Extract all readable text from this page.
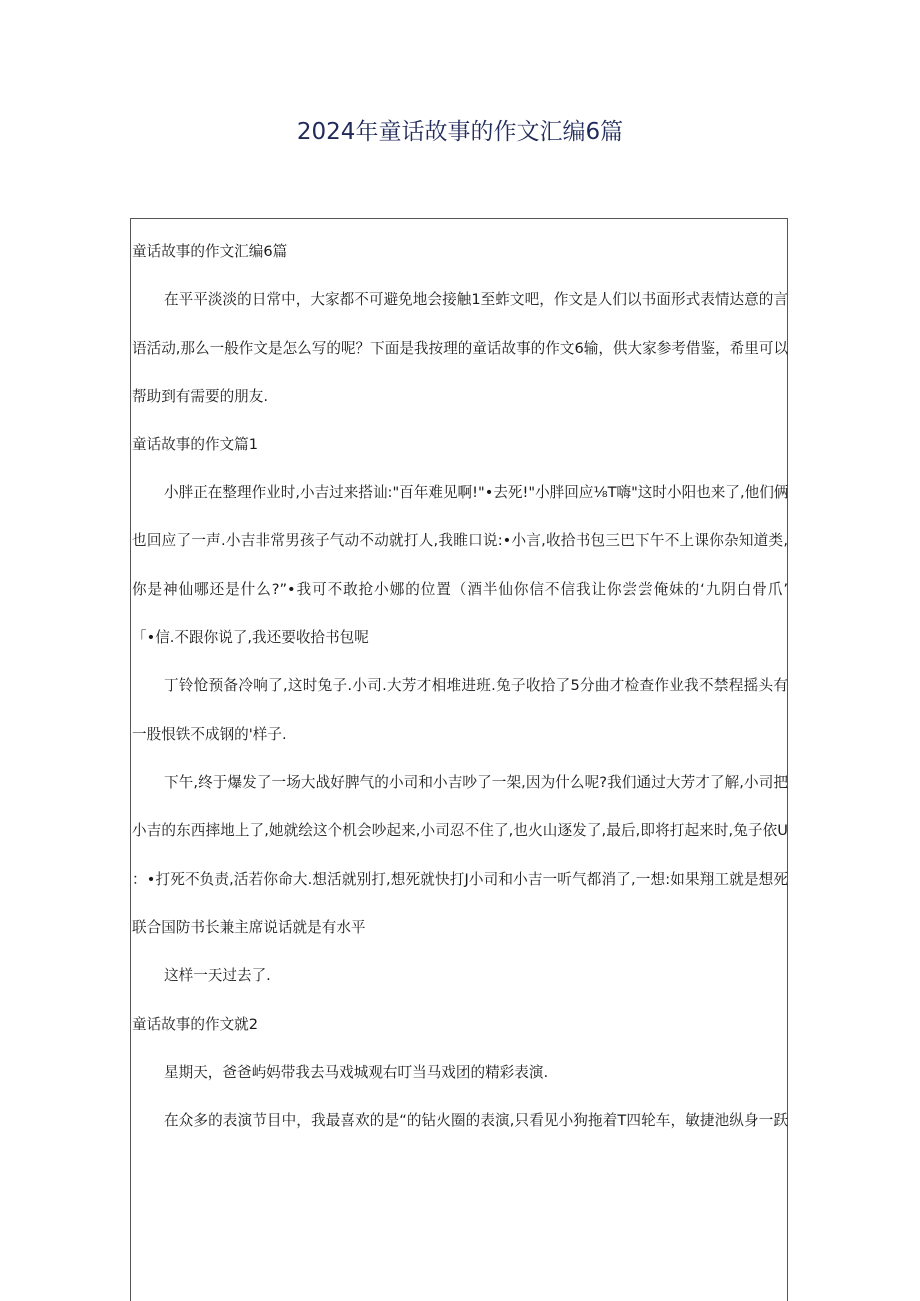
2024年童话故事的作文汇编6篇
童话故事的作文汇编6篇
在平平淡淡的日常中，大家都不可避免地会接触1至蚱文吧，作文是人们以书面形式表情达意的言
语活动,那么一般作文是怎么写的呢？下面是我按理的童话故事的作文6输，供大家参考借鉴，希里可以
帮助到有需要的朋友.
童话故事的作文篇1
小胖正在整理作业时,小吉过来搭讪:"百年难见啊!"•去死!"小胖回应⅛T嗨"这时小阳也来了,他们俩
也回应了一声.小吉非常男孩子气动不动就打人,我睢口说:•小言,收拾书包三巴下午不上课你杂知道类,
你是神仙哪还是什么?”•我可不敢抢小娜的位置（酒半仙你信不信我让你尝尝俺妹的‘九阴白骨爪’
「•信.不跟你说了,我还要收拾书包呢
丁铃怆预备冷响了,这时兔子.小司.大芳才相堆进班.兔子收拾了5分曲才检查作业我不禁程摇头有
一股恨铁不成钢的'样子.
下午,终于爆发了一场大战好脾气的小司和小吉吵了一架,因为什么呢?我们通过大芳才了解,小司把
小吉的东西摔地上了,她就绘这个机会吵起来,小司忍不住了,也火山逐发了,最后,即将打起来时,兔子依U
：•打死不负责,活若你命大.想活就别打,想死就快打J小司和小吉一听气都消了,一想:如果翔工就是想死
联合国防书长兼主席说话就是有水平
这样一天过去了.
童话故事的作文就2
星期天，爸爸屿妈带我去马戏城观右叮当马戏团的精彩表演.
在众多的表演节目中，我最喜欢的是“的钻火圈的表演,只看见小狗拖着T四轮车，敏捷池纵身一跃
